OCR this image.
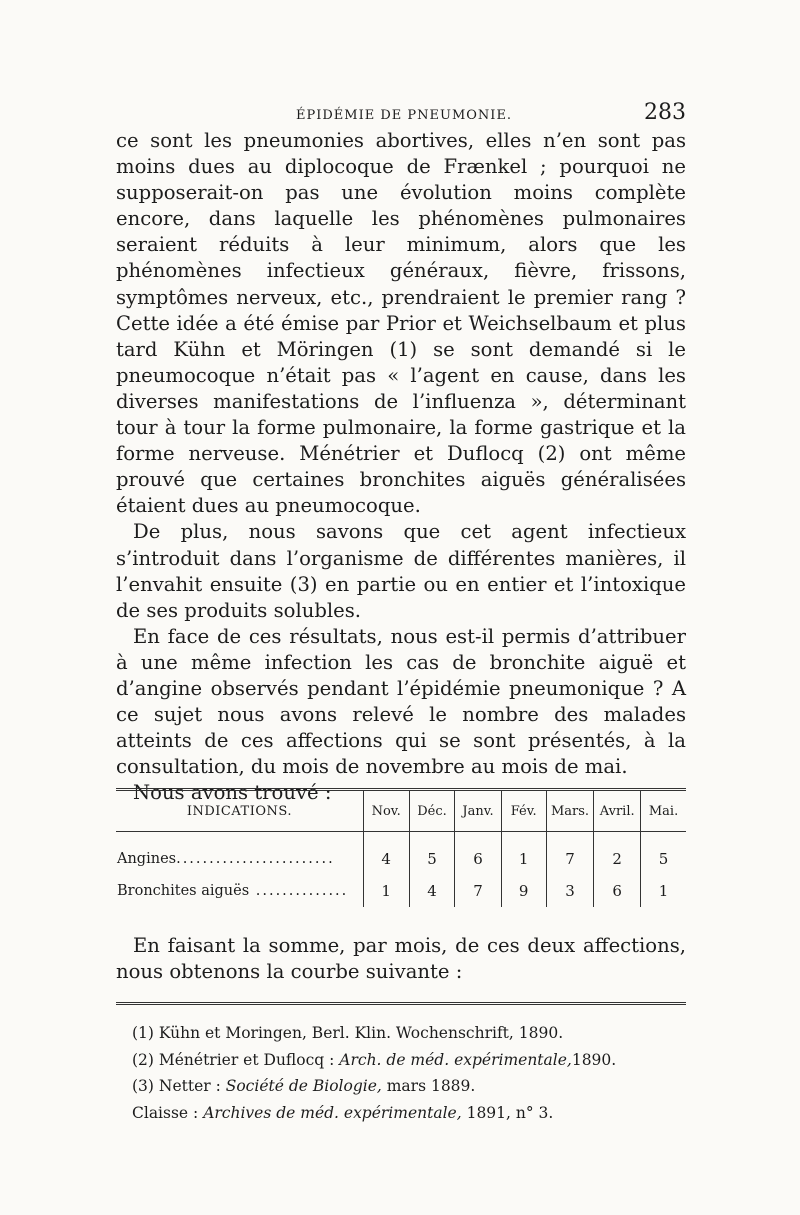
ÉPIDÉMIE DE PNEUMONIE.	283

ce sont les pneumonies abortives, elles n’en sont pas moins dues au diplocoque de Frænkel ; pourquoi ne supposerait-on pas une évolution moins complète encore, dans laquelle les phénomènes pulmonaires seraient réduits à leur minimum, alors que les phénomènes infectieux généraux, fièvre, frissons, symptômes nerveux, etc., prendraient le premier rang ? Cette idée a été émise par Prior et Weichselbaum et plus tard Kühn et Möringen (1) se sont demandé si le pneumocoque n’était pas « l’agent en cause, dans les diverses manifestations de l’influenza », déterminant tour à tour la forme pulmonaire, la forme gastrique et la forme nerveuse. Ménétrier et Duflocq (2) ont même prouvé que certaines bronchites aiguës généralisées étaient dues au pneumocoque.

De plus, nous savons que cet agent infectieux s’introduit dans l’organisme de différentes manières, il l’envahit ensuite (3) en partie ou en entier et l’intoxique de ses produits solubles.

En face de ces résultats, nous est-il permis d’attribuer à une même infection les cas de bronchite aiguë et d’angine observés pendant l’épidémie pneumonique ? A ce sujet nous avons relevé le nombre des malades atteints de ces affections qui se sont présentés, à la consultation, du mois de novembre au mois de mai.

Nous avons trouvé :

INDICATIONS.	Nov.	Déc.	Janv.	Fév.	Mars.	Avril.	Mai.
Angines........................	4	5	6	1	7	2	5
Bronchites aiguës ..............	1	4	7	9	3	6	1

En faisant la somme, par mois, de ces deux affections, nous obtenons la courbe suivante :

(1) Kühn et Moringen, Berl. Klin. Wochenschrift, 1890.

(2) Ménétrier et Duflocq : Arch. de méd. expérimentale,1890.

(3) Netter : Société de Biologie, mars 1889.

Claisse : Archives de méd. expérimentale, 1891, n° 3.
